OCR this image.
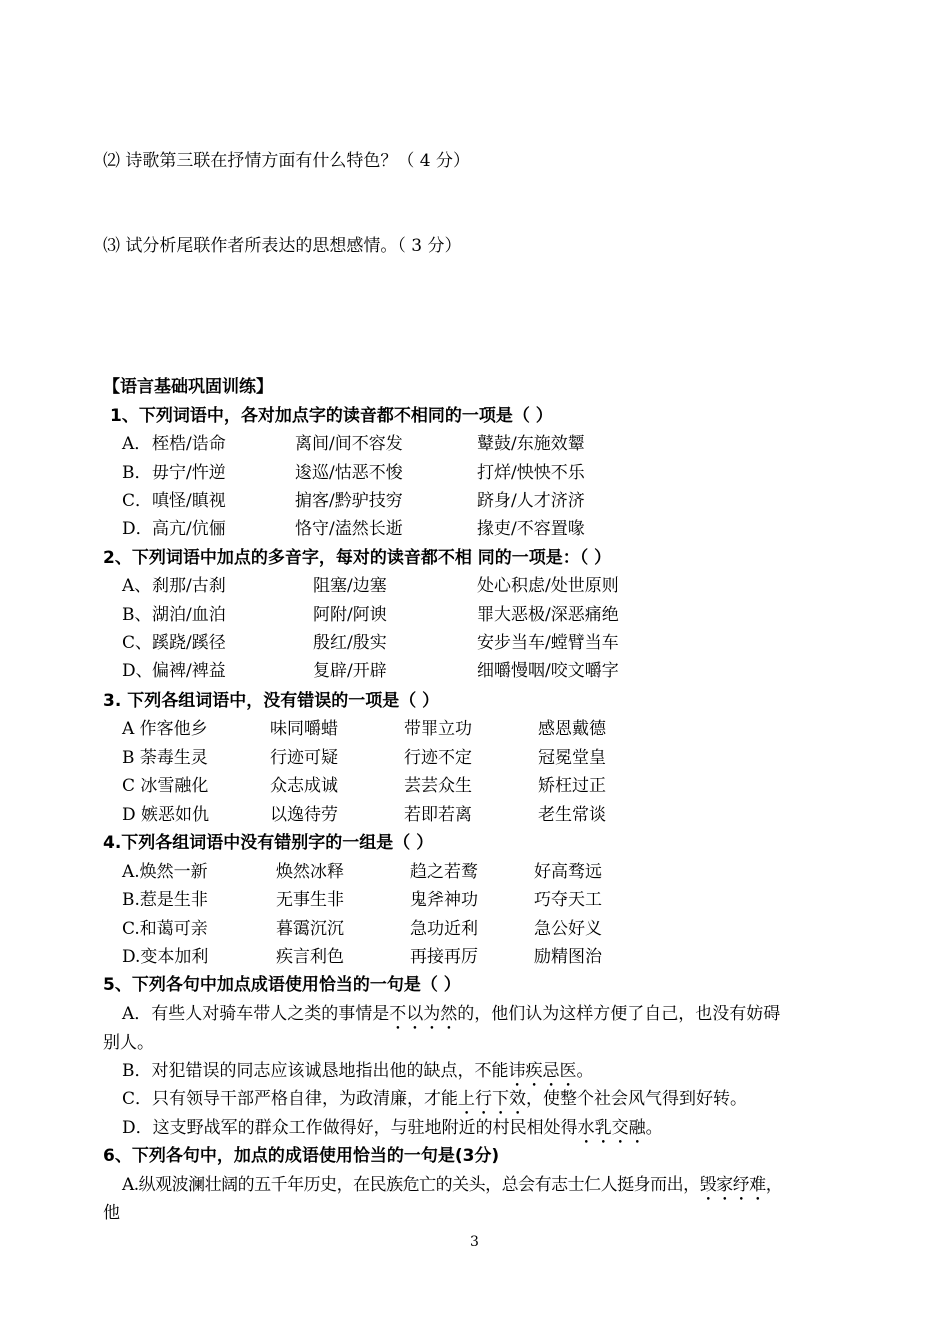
⑵ 诗歌第三联在抒情方面有什么特色？（ 4 分）
⑶ 试分析尾联作者所表达的思想感情。（ 3 分）
【语言基础巩固训练】
1、下列词语中，各对加点字的读音都不相同的一项是（ ）
A． 桎梏/诰命	离间/间不容发	鼙鼓/东施效颦
B． 毋宁/忤逆	逡巡/怙恶不悛	打烊/怏怏不乐
C． 嗔怪/瞋视	掮客/黔驴技穷	跻身/人才济济
D． 高亢/伉俪	恪守/溘然长逝	掾吏/不容置喙
2、下列词语中加点的多音字，每对的读音都不相 同的一项是：（ ）
A、 刹那/古刹	阻塞/边塞	处心积虑/处世原则
B、 湖泊/血泊	阿附/阿谀	罪大恶极/深恶痛绝
C、 蹊跷/蹊径	殷红/殷实	安步当车/螳臂当车
D、 偏裨/裨益	复辟/开辟	细嚼慢咽/咬文嚼字
3. 下列各组词语中，没有错误的一项是（ ）
A 作客他乡	味同嚼蜡	带罪立功	感恩戴德
B 荼毒生灵	行迹可疑	行迹不定	冠冕堂皇
C 冰雪融化	众志成诚	芸芸众生	矫枉过正
D 嫉恶如仇	以逸待劳	若即若离	老生常谈
4.下列各组词语中没有错别字的一组是（ ）
A.焕然一新	焕然冰释	趋之若鹜	好高骛远
B.惹是生非	无事生非	鬼斧神功	巧夺天工
C.和蔼可亲	暮霭沉沉	急功近利	急公好义
D.变本加利	疾言利色	再接再厉	励精图治
5、下列各句中加点成语使用恰当的一句是（ ）
A．有些人对骑车带人之类的事情是不以为然的，他们认为这样方便了自己，也没有妨碍
别人。
B．对犯错误的同志应该诚恳地指出他的缺点，不能讳疾忌医。
C．只有领导干部严格自律，为政清廉，才能上行下效，使整个社会风气得到好转。
D．这支野战军的群众工作做得好，与驻地附近的村民相处得水乳交融。
6、下列各句中，加点的成语使用恰当的一句是(3分)
A.纵观波澜壮阔的五千年历史，在民族危亡的关头，总会有志士仁人挺身而出，毁家纾难，
他
3
